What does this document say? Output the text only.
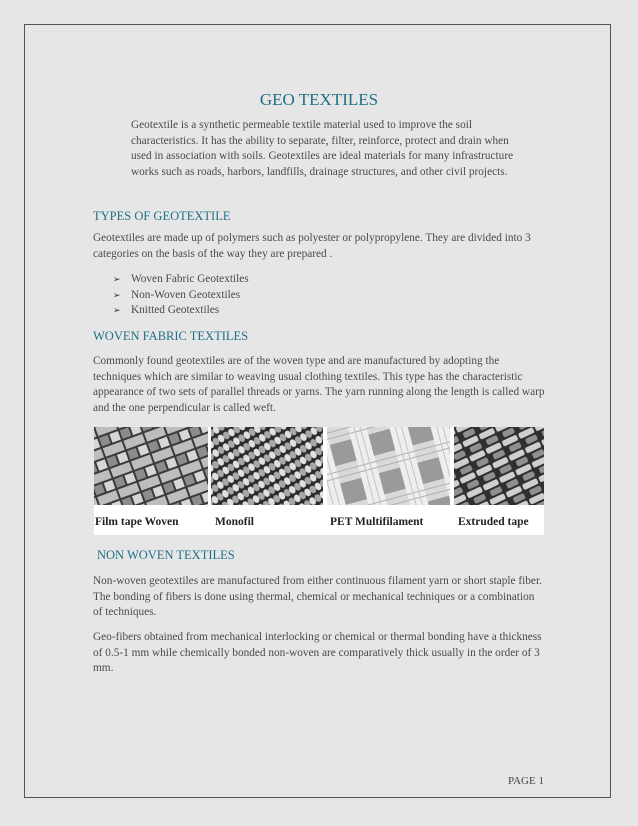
GEO TEXTILES

Geotextile is a synthetic permeable textile material used to improve the soil characteristics. It has the ability to separate, filter, reinforce, protect and drain when used in association with soils. Geotextiles are ideal materials for many infrastructure works such as roads, harbors, landfills, drainage structures, and other civil projects.

TYPES OF GEOTEXTILE

Geotextiles are made up of polymers such as polyester or polypropylene. They are divided into 3 categories on the basis of the way they are prepared .

➢ Woven Fabric Geotextiles
➢ Non-Woven Geotextiles
➢ Knitted Geotextiles
WOVEN FABRIC TEXTILES

Commonly found geotextiles are of the woven type and are manufactured by adopting the techniques which are similar to weaving usual clothing textiles. This type has the characteristic appearance of two sets of parallel threads or yarns. The yarn running along the length is called warp and the one perpendicular is called weft.

Film tape Woven	Monofil	PET Multifilament	Extruded tape
NON WOVEN TEXTILES

Non-woven geotextiles are manufactured from either continuous filament yarn or short staple fiber. The bonding of fibers is done using thermal, chemical or mechanical techniques or a combination of techniques.

Geo-fibers obtained from mechanical interlocking or chemical or thermal bonding have a thickness of 0.5-1 mm while chemically bonded non-woven are comparatively thick usually in the order of 3 mm.

PAGE 1
